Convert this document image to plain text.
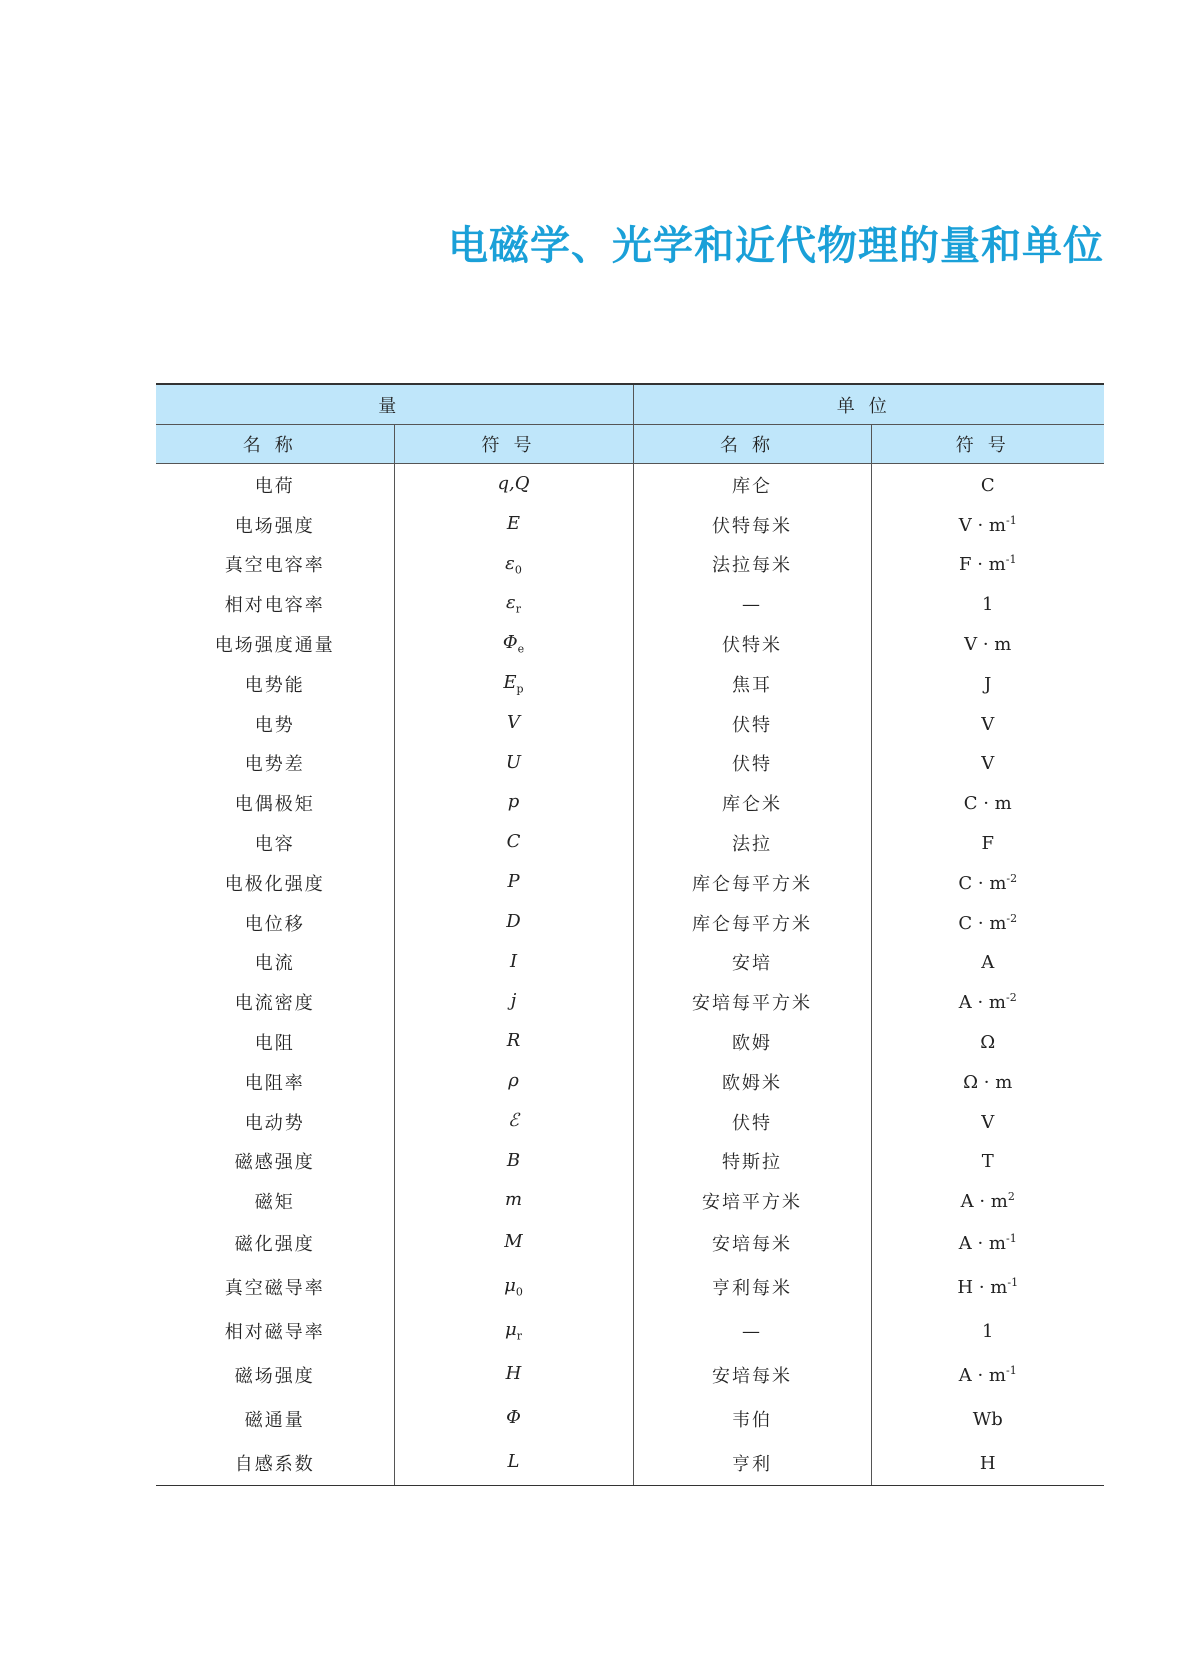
电磁学、光学和近代物理的量和单位
量		单位	
名称	符号	名称	符号
电荷	q,Q	库仑	C
电场强度	E	伏特每米	$V \cdot m^{-1}$
真空电容率	$\varepsilon_0$	法拉每米	$F \cdot m^{-1}$
相对电容率	$\varepsilon_r$	—	1
电场强度通量	$\Phi_e$	伏特米	V · m
电势能	$E_p$	焦耳	J
电势	V	伏特	V
电势差	U	伏特	V
电偶极矩	p	库仑米	C · m
电容	C	法拉	F
电极化强度	P	库仑每平方米	$C \cdot m^{-2}$
电位移	D	库仑每平方米	$C \cdot m^{-2}$
电流	I	安培	A
电流密度	j	安培每平方米	$A \cdot m^{-2}$
电阻	R	欧姆	Ω
电阻率	ρ	欧姆米	Ω · m
电动势	ℰ	伏特	V
磁感强度	B	特斯拉	T
磁矩	m	安培平方米	$A \cdot m^2$
磁化强度	M	安培每米	$A \cdot m^{-1}$
真空磁导率	$\mu_0$	亨利每米	$H \cdot m^{-1}$
相对磁导率	$\mu_r$	—	1
磁场强度	H	安培每米	$A \cdot m^{-1}$
磁通量	Φ	韦伯	Wb
自感系数	L	亨利	H
